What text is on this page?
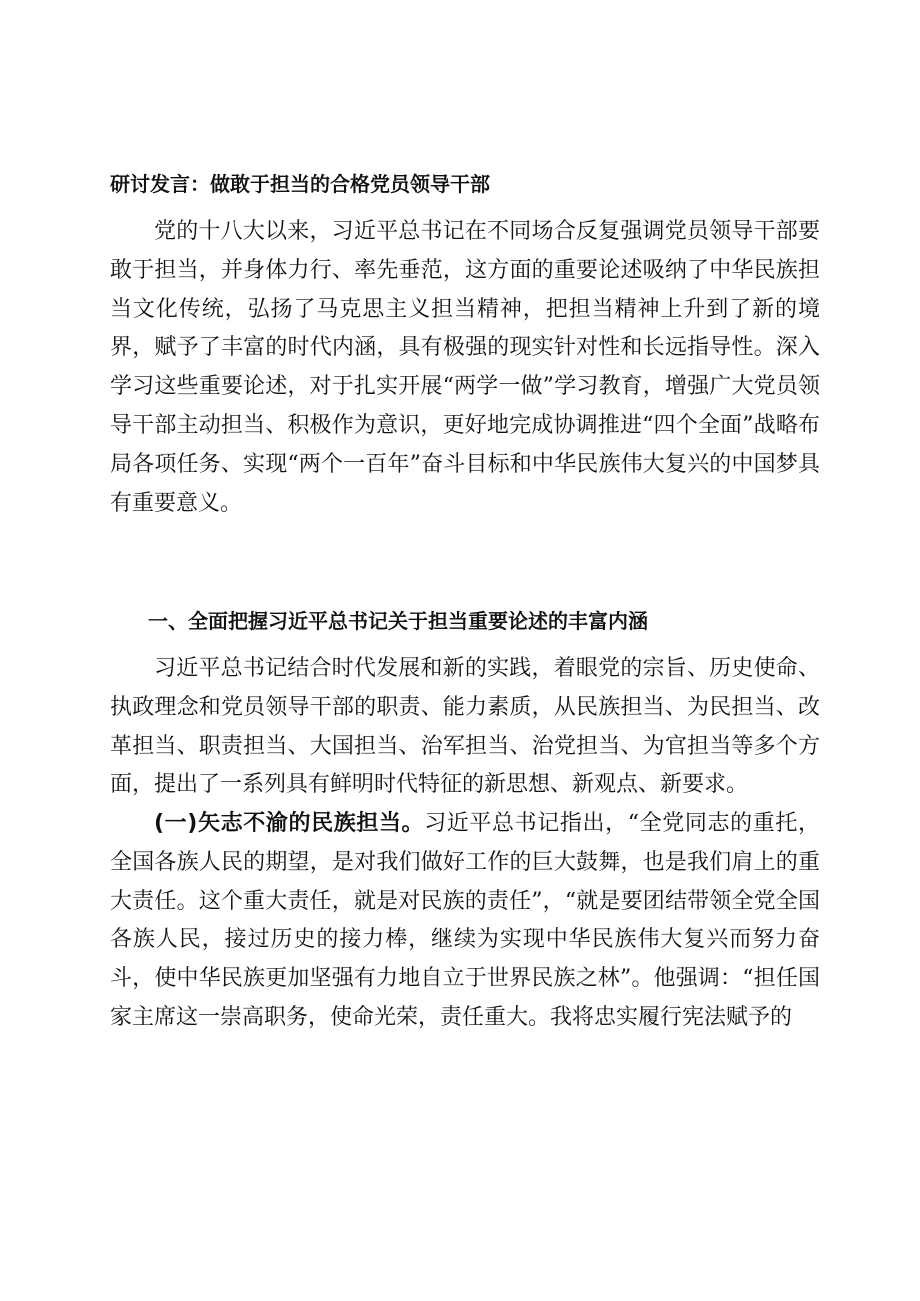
研讨发言：做敢于担当的合格党员领导干部

党的十八大以来，习近平总书记在不同场合反复强调党员领导干部要敢于担当，并身体力行、率先垂范，这方面的重要论述吸纳了中华民族担当文化传统，弘扬了马克思主义担当精神，把担当精神上升到了新的境界，赋予了丰富的时代内涵，具有极强的现实针对性和长远指导性。深入学习这些重要论述，对于扎实开展“两学一做”学习教育，增强广大党员领导干部主动担当、积极作为意识，更好地完成协调推进“四个全面”战略布局各项任务、实现“两个一百年”奋斗目标和中华民族伟大复兴的中国梦具有重要意义。

一、全面把握习近平总书记关于担当重要论述的丰富内涵

习近平总书记结合时代发展和新的实践，着眼党的宗旨、历史使命、执政理念和党员领导干部的职责、能力素质，从民族担当、为民担当、改革担当、职责担当、大国担当、治军担当、治党担当、为官担当等多个方面，提出了一系列具有鲜明时代特征的新思想、新观点、新要求。

(一)矢志不渝的民族担当。习近平总书记指出，“全党同志的重托，全国各族人民的期望，是对我们做好工作的巨大鼓舞，也是我们肩上的重大责任。这个重大责任，就是对民族的责任”，“就是要团结带领全党全国各族人民，接过历史的接力棒，继续为实现中华民族伟大复兴而努力奋斗，使中华民族更加坚强有力地自立于世界民族之林”。他强调：“担任国家主席这一崇高职务，使命光荣，责任重大。我将忠实履行宪法赋予的
